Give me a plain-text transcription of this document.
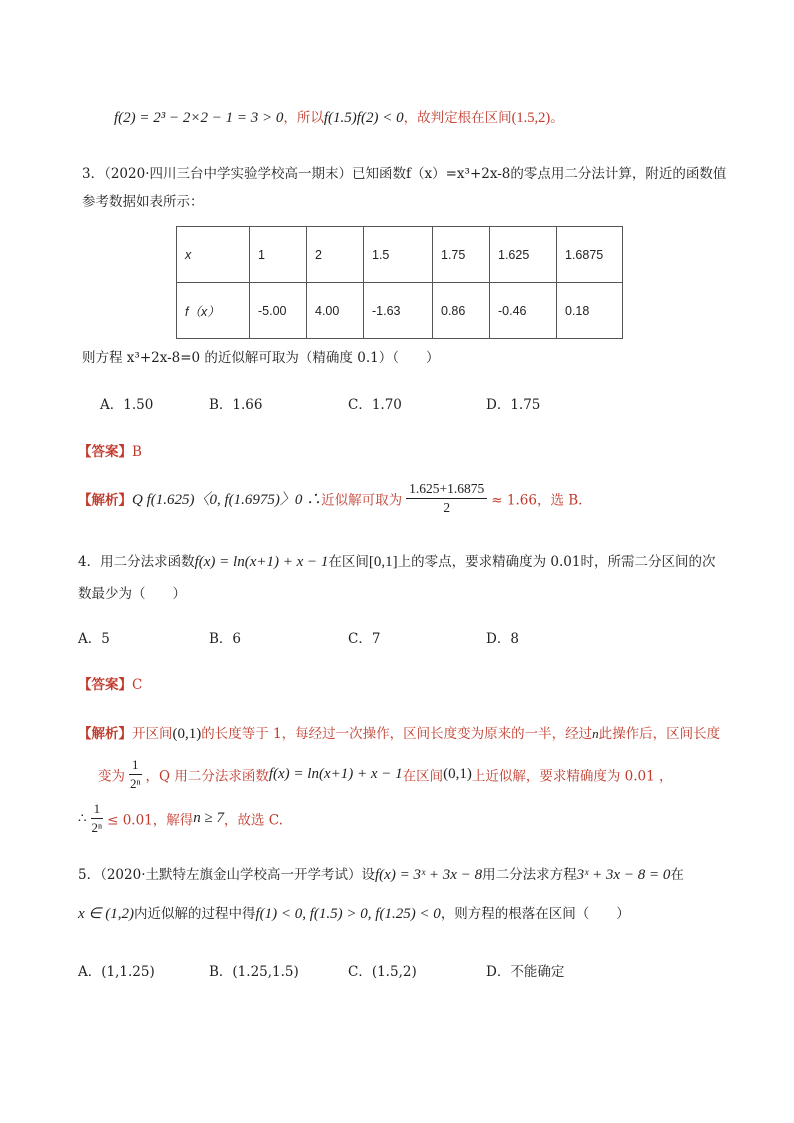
f(2) = 2³ − 2×2 − 1 = 3 > 0，所以f(1.5)f(2) < 0，故判定根在区间(1.5,2)。
3．（2020·四川三台中学实验学校高一期末）已知函数f（x）=x³+2x-8的零点用二分法计算，附近的函数值
参考数据如表所示：
x	1	2	1.5	1.75	1.625	1.6875
f（x）	-5.00	4.00	-1.63	0.86	-0.46	0.18
则方程 x³+2x-8=0 的近似解可取为（精确度 0.1）（　　）
A．1.50	B．1.66	C．1.70	D．1.75
【答案】B
【解析】Q f(1.625)〈0, f(1.6975)〉0 ∴近似解可取为 $\frac{1.625+1.6875}{2} \approx 1.66$，选 B.
4．用二分法求函数f(x) = ln(x+1) + x − 1在区间[0,1]上的零点，要求精确度为 0.01时，所需二分区间的次
数最少为（　　）
A．5	B．6	C．7	D．8
【答案】C
【解析】开区间(0,1)的长度等于 1，每经过一次操作，区间长度变为原来的一半，经过n此操作后，区间长度
变为 $\frac{1}{\text{2ⁿ}}$ ，Q 用二分法求函数f(x) = ln(x+1) + x − 1在区间(0,1)上近似解，要求精确度为 0.01 ，
∴ $\frac{1}{\text{2ⁿ}} \le 0.01$，解得n ≥ 7，故选 C.
5．（2020·土默特左旗金山学校高一开学考试）设f(x) = 3ˣ + 3x − 8用二分法求方程3ˣ + 3x − 8 = 0在
x ∈ (1,2)内近似解的过程中得f(1) < 0, f(1.5) > 0, f(1.25) < 0，则方程的根落在区间（　　）
A．(1,1.25)	B．(1.25,1.5)	C．(1.5,2)	D．不能确定
